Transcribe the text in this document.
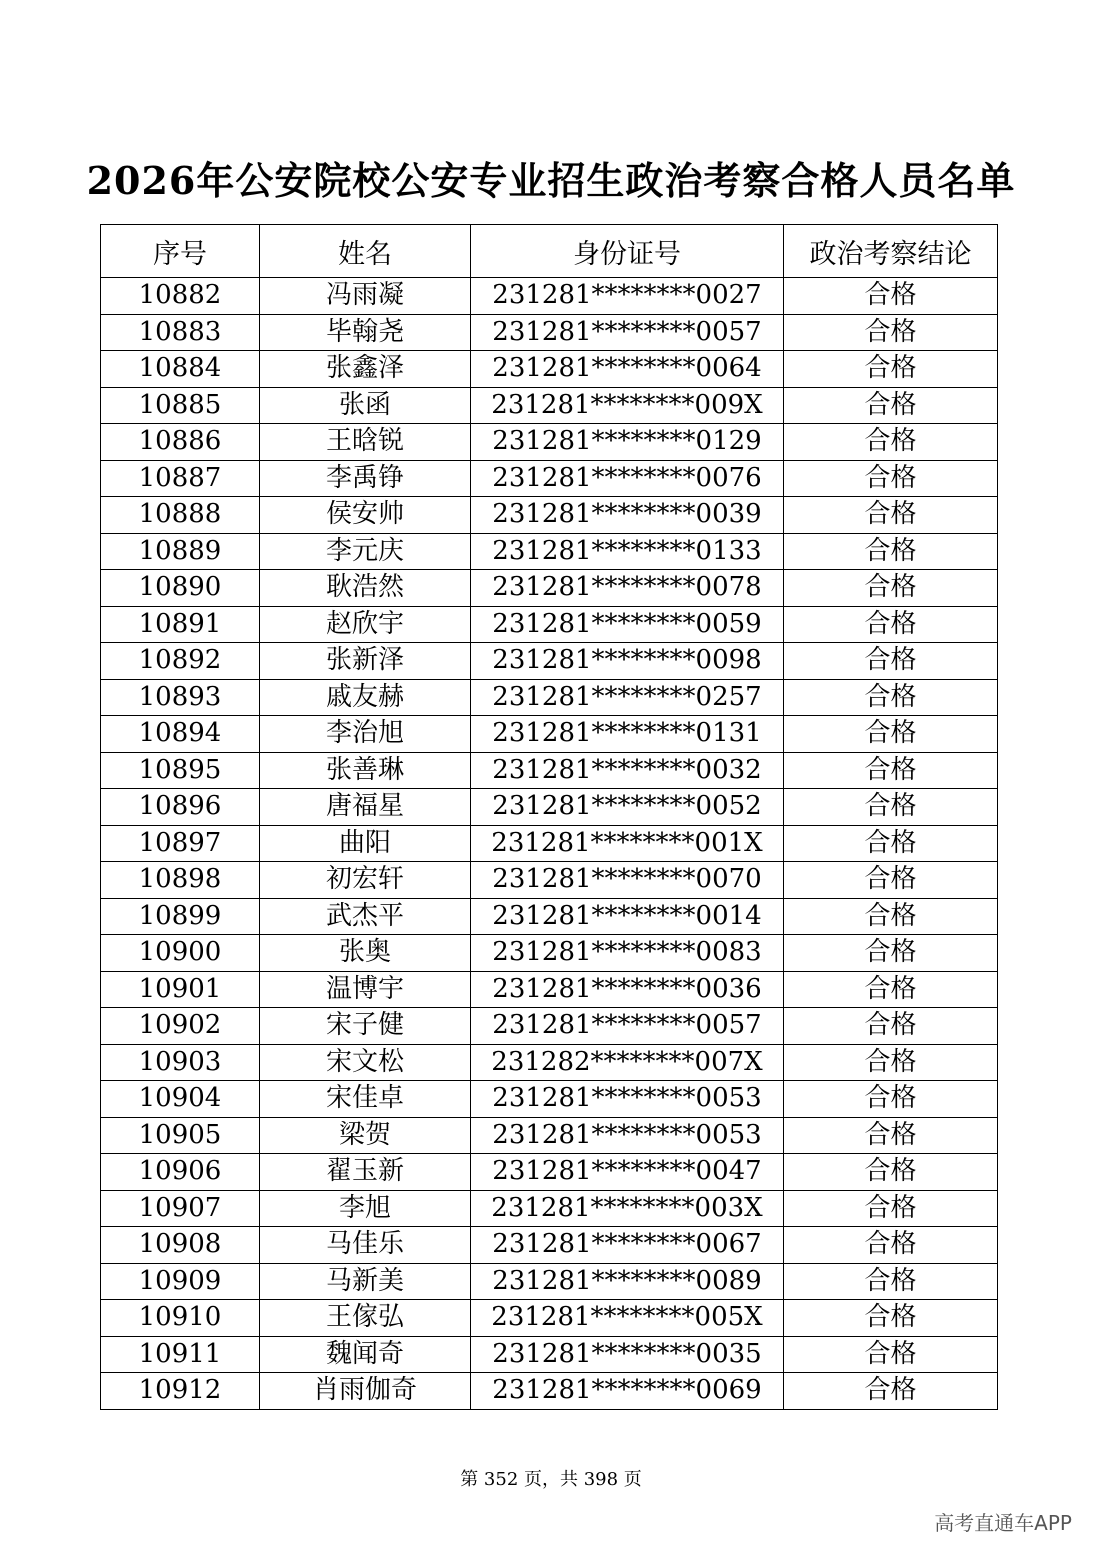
2026年公安院校公安专业招生政治考察合格人员名单
序号	姓名	身份证号	政治考察结论
10882	冯雨凝	231281********0027	合格
10883	毕翰尧	231281********0057	合格
10884	张鑫泽	231281********0064	合格
10885	张函	231281********009X	合格
10886	王晗锐	231281********0129	合格
10887	李禹铮	231281********0076	合格
10888	侯安帅	231281********0039	合格
10889	李元庆	231281********0133	合格
10890	耿浩然	231281********0078	合格
10891	赵欣宇	231281********0059	合格
10892	张新泽	231281********0098	合格
10893	戚友赫	231281********0257	合格
10894	李治旭	231281********0131	合格
10895	张善琳	231281********0032	合格
10896	唐福星	231281********0052	合格
10897	曲阳	231281********001X	合格
10898	初宏轩	231281********0070	合格
10899	武杰平	231281********0014	合格
10900	张奥	231281********0083	合格
10901	温博宇	231281********0036	合格
10902	宋子健	231281********0057	合格
10903	宋文松	231282********007X	合格
10904	宋佳卓	231281********0053	合格
10905	梁贺	231281********0053	合格
10906	翟玉新	231281********0047	合格
10907	李旭	231281********003X	合格
10908	马佳乐	231281********0067	合格
10909	马新美	231281********0089	合格
10910	王傢弘	231281********005X	合格
10911	魏闻奇	231281********0035	合格
10912	肖雨伽奇	231281********0069	合格
第 352 页，共 398 页
高考直通车APP
